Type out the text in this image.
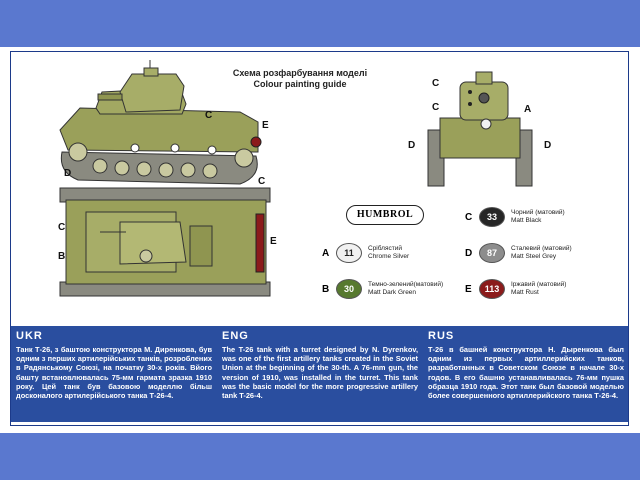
Схема розфарбування моделі
Colour painting guide
C
E
D
C
C
B
E
C
C	A
D	D
HUMBROL
A	11	Сріблястий
Chrome Silver
B	30	Темно-зелений(матовий)
Matt Dark Green
C	33	Чорний (матовий)
Matt Black
D	87	Сталевий (матовий)
Matt Steel Grey
E	113	Іржавий (матовий)
Matt Rust
UKR

Танк Т-26, з баштою конструктора М. Диренкова, був одним з перших артилерійських танків, розроблених в Радянському Союзі, на початку 30-х років. Вйого башту встановлювалась 75-мм гармата зразка 1910 року. Цей танк був базовою моделлю більш досконалого артилерійського танка Т-26-4.

ENG

The T-26 tank with a turret designed by N. Dyrenkov, was one of the first artillery tanks created in the Soviet Union at the beginning of the 30-th. A 76-mm gun, the version of 1910, was installed in the turret. This tank was the basic model for the more progressive artillery tank T-26-4.

RUS

Т-26 в башней конструктора Н. Дыренкова был одним из первых артиллерийских танков, разработанных в Советском Союзе в начале 30-х годов. В его башню устанавливалась 76-мм пушка образца 1910 года. Этот танк был базовой моделью более совершенного артиллерийского танка Т-26-4.
